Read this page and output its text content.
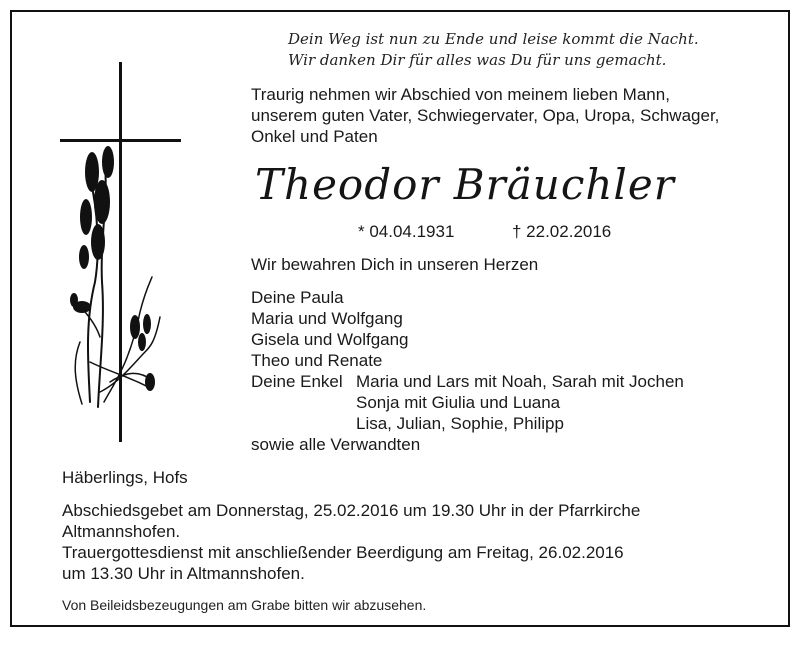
Dein Weg ist nun zu Ende und leise kommt die Nacht.
Wir danken Dir für alles was Du für uns gemacht.
Traurig nehmen wir Abschied von meinem lieben Mann,
unserem guten Vater, Schwiegervater, Opa, Uropa, Schwager,
Onkel und Paten
Theodor Bräuchler
* 04.04.1931	† 22.02.2016
Wir bewahren Dich in unseren Herzen
Deine Paula
Maria und Wolfgang
Gisela und Wolfgang
Theo und Renate
Deine Enkel Maria und Lars mit Noah, Sarah mit Jochen
Sonja mit Giulia und Luana
Lisa, Julian, Sophie, Philipp
sowie alle Verwandten
Häberlings, Hofs
Abschiedsgebet am Donnerstag, 25.02.2016 um 19.30 Uhr in der Pfarrkirche
Altmannshofen.
Trauergottesdienst mit anschließender Beerdigung am Freitag, 26.02.2016
um 13.30 Uhr in Altmannshofen.
Von Beileidsbezeugungen am Grabe bitten wir abzusehen.
